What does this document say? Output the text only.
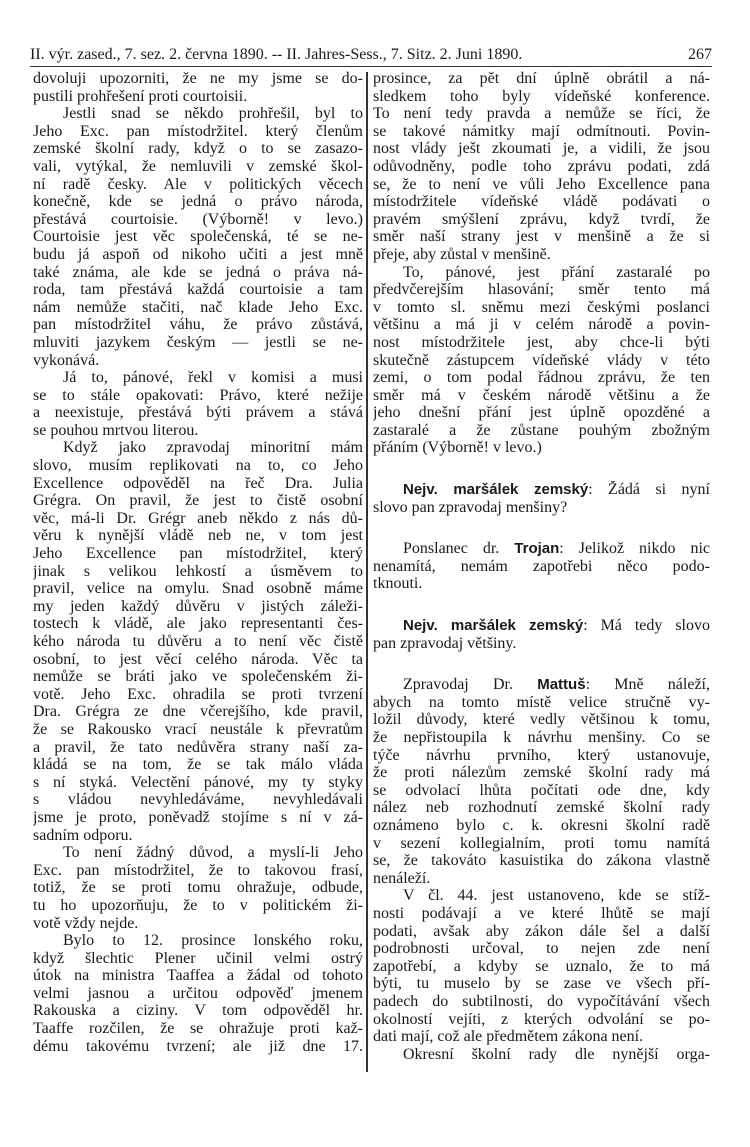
II. výr. zased., 7. sez. 2. června 1890. -- II. Jahres-Sess., 7. Sitz. 2. Juni 1890.	267
dovoluji upozorniti, že ne my jsme se do-
pustili prohřešení proti courtoisii.
Jestli snad se někdo prohřešil, byl to
Jeho Exc. pan místodržitel. který členům
zemské školní rady, když o to se zasazo-
vali, vytýkal, že nemluvili v zemské škol-
ní radě česky. Ale v politických věcech
konečně, kde se jedná o právo národa,
přestává courtoisie. (Výborně! v levo.)
Courtoisie jest věc společenská, té se ne-
budu já aspoň od nikoho učiti a jest mně
také známa, ale kde se jedná o práva ná-
roda, tam přestává každá courtoisie a tam
nám nemůže stačiti, nač klade Jeho Exc.
pan místodržitel váhu, že právo zůstává,
mluviti jazykem českým — jestli se ne-
vykonává.
Já to, pánové, řekl v komisi a musi
se to stále opakovati: Právo, které nežije
a neexistuje, přestává býti právem a stává
se pouhou mrtvou literou.
Když jako zpravodaj minoritní mám
slovo, musím replikovati na to, co Jeho
Excellence odpověděl na řeč Dra. Julia
Grégra. On pravil, že jest to čistě osobní
věc, má-li Dr. Grégr aneb někdo z nás dů-
věru k nynější vládě neb ne, v tom jest
Jeho Excellence pan místodržitel, který
jinak s velikou lehkostí a úsměvem to
pravil, velice na omylu. Snad osobně máme
my jeden každý důvěru v jistých záleži-
tostech k vládě, ale jako representanti čes-
kého národa tu důvěru a to není věc čistě
osobní, to jest věcí celého národa. Věc ta
nemůže se bráti jako ve společenském ži-
votě. Jeho Exc. ohradila se proti tvrzení
Dra. Grégra ze dne včerejšího, kde pravil,
že se Rakousko vrací neustále k převratům
a pravil, že tato nedůvěra strany naší za-
kládá se na tom, že se tak málo vláda
s ní styká. Velectění pánové, my ty styky
s vládou nevyhledáváme, nevyhledávali
jsme je proto, poněvadž stojíme s ní v zá-
sadním odporu.
To není žádný důvod, a myslí-li Jeho
Exc. pan místodržitel, že to takovou frasí,
totiž, že se proti tomu ohražuje, odbude,
tu ho upozorňuju, že to v politickém ži-
votě vždy nejde.
Bylo to 12. prosince lonského roku,
když šlechtic Plener učinil velmi ostrý
útok na ministra Taaffea a žádal od tohoto
velmi jasnou a určitou odpověď jmenem
Rakouska a ciziny. V tom odpověděl hr.
Taaffe rozčilen, že se ohražuje proti kaž-
dému takovému tvrzení; ale již dne 17.
prosince, za pět dní úplně obrátil a ná-
sledkem toho byly vídeňské konference.
To není tedy pravda a nemůže se říci, že
se takové námitky mají odmítnouti. Povin-
nost vlády ješt zkoumati je, a vidili, že jsou
odůvodněny, podle toho zprávu podati, zdá
se, že to není ve vůli Jeho Excellence pana
místodržitele vídeňské vládě podávati o
pravém smýšlení zprávu, když tvrdí, že
směr naší strany jest v menšině a že si
přeje, aby zůstal v menšině.
To, pánové, jest přání zastaralé po
předvčerejším hlasování; směr tento má
v tomto sl. sněmu mezi českými poslanci
většinu a má ji v celém národě a povin-
nost místodržitele jest, aby chce-li býti
skutečně zástupcem vídeňské vlády v této
zemi, o tom podal řádnou zprávu, že ten
směr má v českém národě většinu a že
jeho dnešní přání jest úplně opozděné a
zastaralé a že zůstane pouhým zbožným
přáním (Výborně! v levo.)
Nejv. maršálek zemský: Žádá si nyní
slovo pan zpravodaj menšiny?
Ponslanec dr. Trojan: Jelikož nikdo nic
nenamítá, nemám zapotřebi něco podo-
tknouti.
Nejv. maršálek zemský: Má tedy slovo
pan zpravodaj většiny.
Zpravodaj Dr. Mattuš: Mně náleží,
abych na tomto místě velice stručně vy-
ložil důvody, které vedly většinou k tomu,
že nepřistoupila k návrhu menšiny. Co se
týče návrhu prvního, který ustanovuje,
že proti nálezům zemské školní rady má
se odvolací lhůta počítati ode dne, kdy
nález neb rozhodnutí zemské školní rady
oznámeno bylo c. k. okresni školní radě
v sezení kollegialním, proti tomu namítá
se, že takováto kasuistika do zákona vlastně
nenáleží.
V čl. 44. jest ustanoveno, kde se stíž-
nosti podávají a ve které lhůtě se mají
podati, avšak aby zákon dále šel a další
podrobnosti určoval, to nejen zde není
zapotřebí, a kdyby se uznalo, že to má
býti, tu muselo by se zase ve všech pří-
padech do subtilnosti, do vypočítávání všech
okolností vejíti, z kterých odvolání se po-
dati mají, což ale předmětem zákona není.
Okresní školní rady dle nynější orga-
